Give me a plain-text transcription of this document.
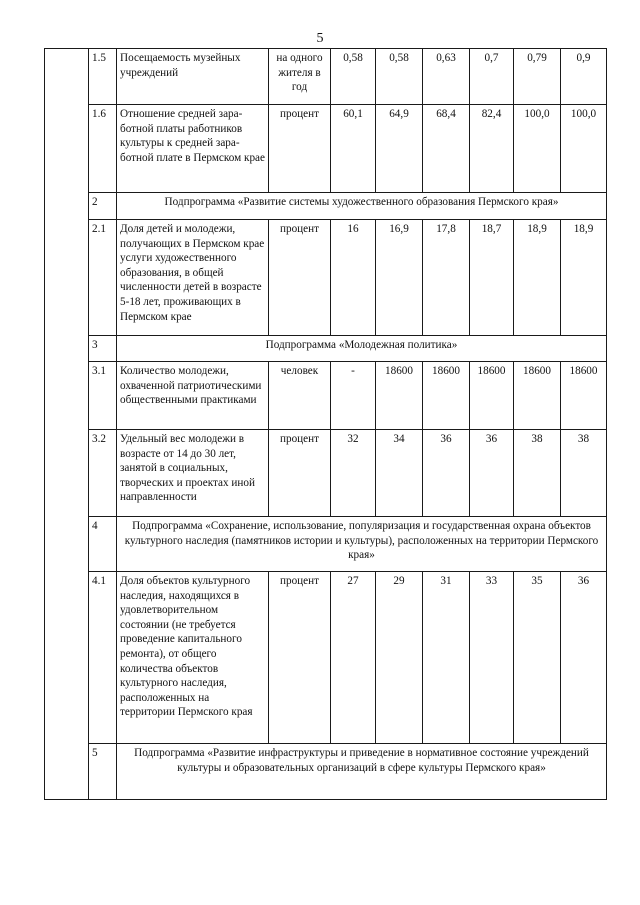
5
	1.5	Посещаемость музейных учреждений	на одного жителя в год	0,58	0,58	0,63	0,7	0,79	0,9
	1.6	Отношение средней заработной платы работников культуры к средней заработной плате в Пермском крае	процент	60,1	64,9	68,4	82,4	100,0	100,0
	2	Подпрограмма «Развитие системы художественного образования Пермского края»							
	2.1	Доля детей и молодежи, получающих в Пермском крае услуги художественного образования, в общей численности детей в возрасте 5-18 лет, проживающих в Пермском крае	процент	16	16,9	17,8	18,7	18,9	18,9
	3	Подпрограмма «Молодежная политика»							
	3.1	Количество молодежи, охваченной патриотическими общественными практиками	человек	-	18600	18600	18600	18600	18600
	3.2	Удельный вес молодежи в возрасте от 14 до 30 лет, занятой в социальных, творческих и проектах иной направленности	процент	32	34	36	36	38	38
	4	Подпрограмма «Сохранение, использование, популяризация и государственная охрана объектов культурного наследия (памятников истории и культуры), расположенных на территории Пермского края»							
	4.1	Доля объектов культурного наследия, находящихся в удовлетворительном состоянии (не требуется проведение капитального ремонта), от общего количества объектов культурного наследия, расположенных на территории Пермского края	процент	27	29	31	33	35	36
	5	Подпрограмма «Развитие инфраструктуры и приведение в нормативное состояние учреждений культуры и образовательных организаций в сфере культуры Пермского края»							
